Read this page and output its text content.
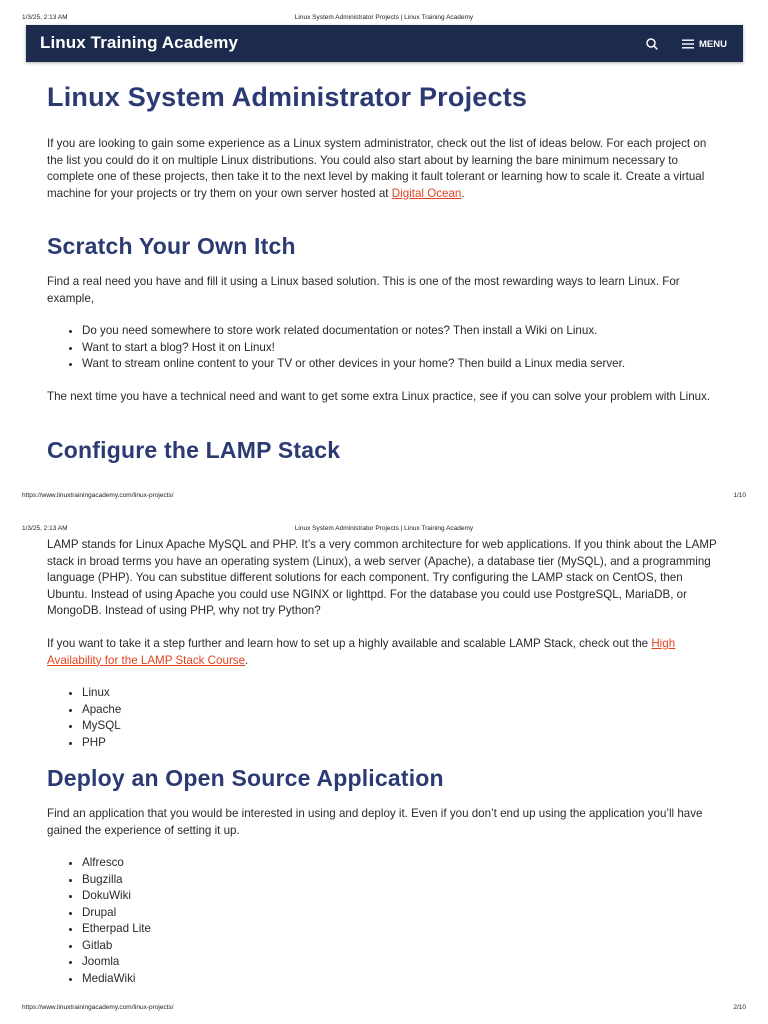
1/3/25, 2:13 AM	Linux System Administrator Projects | Linux Training Academy
Linux Training Academy	MENU
Linux System Administrator Projects

If you are looking to gain some experience as a Linux system administrator, check out the list of ideas below. For each project on the list you could do it on multiple Linux distributions. You could also start about by learning the bare minimum necessary to complete one of these projects, then take it to the next level by making it fault tolerant or learning how to scale it. Create a virtual machine for your projects or try them on your own server hosted at Digital Ocean.

Scratch Your Own Itch

Find a real need you have and fill it using a Linux based solution. This is one of the most rewarding ways to learn Linux. For example,

• Do you need somewhere to store work related documentation or notes? Then install a Wiki on Linux.
• Want to start a blog? Host it on Linux!
• Want to stream online content to your TV or other devices in your home? Then build a Linux media server.

The next time you have a technical need and want to get some extra Linux practice, see if you can solve your problem with Linux.

Configure the LAMP Stack
https://www.linuxtrainingacademy.com/linux-projects/	1/10
1/3/25, 2:13 AM	Linux System Administrator Projects | Linux Training Academy

LAMP stands for Linux Apache MySQL and PHP. It’s a very common architecture for web applications. If you think about the LAMP stack in broad terms you have an operating system (Linux), a web server (Apache), a database tier (MySQL), and a programming language (PHP). You can substitue different solutions for each component. Try configuring the LAMP stack on CentOS, then Ubuntu. Instead of using Apache you could use NGINX or lighttpd. For the database you could use PostgreSQL, MariaDB, or MongoDB. Instead of using PHP, why not try Python?

If you want to take it a step further and learn how to set up a highly available and scalable LAMP Stack, check out the High Availability for the LAMP Stack Course.

• Linux
• Apache
• MySQL
• PHP
Deploy an Open Source Application

Find an application that you would be interested in using and deploy it. Even if you don’t end up using the application you’ll have gained the experience of setting it up.

• Alfresco
• Bugzilla
• DokuWiki
• Drupal
• Etherpad Lite
• Gitlab
• Joomla
• MediaWiki
https://www.linuxtrainingacademy.com/linux-projects/	2/10
